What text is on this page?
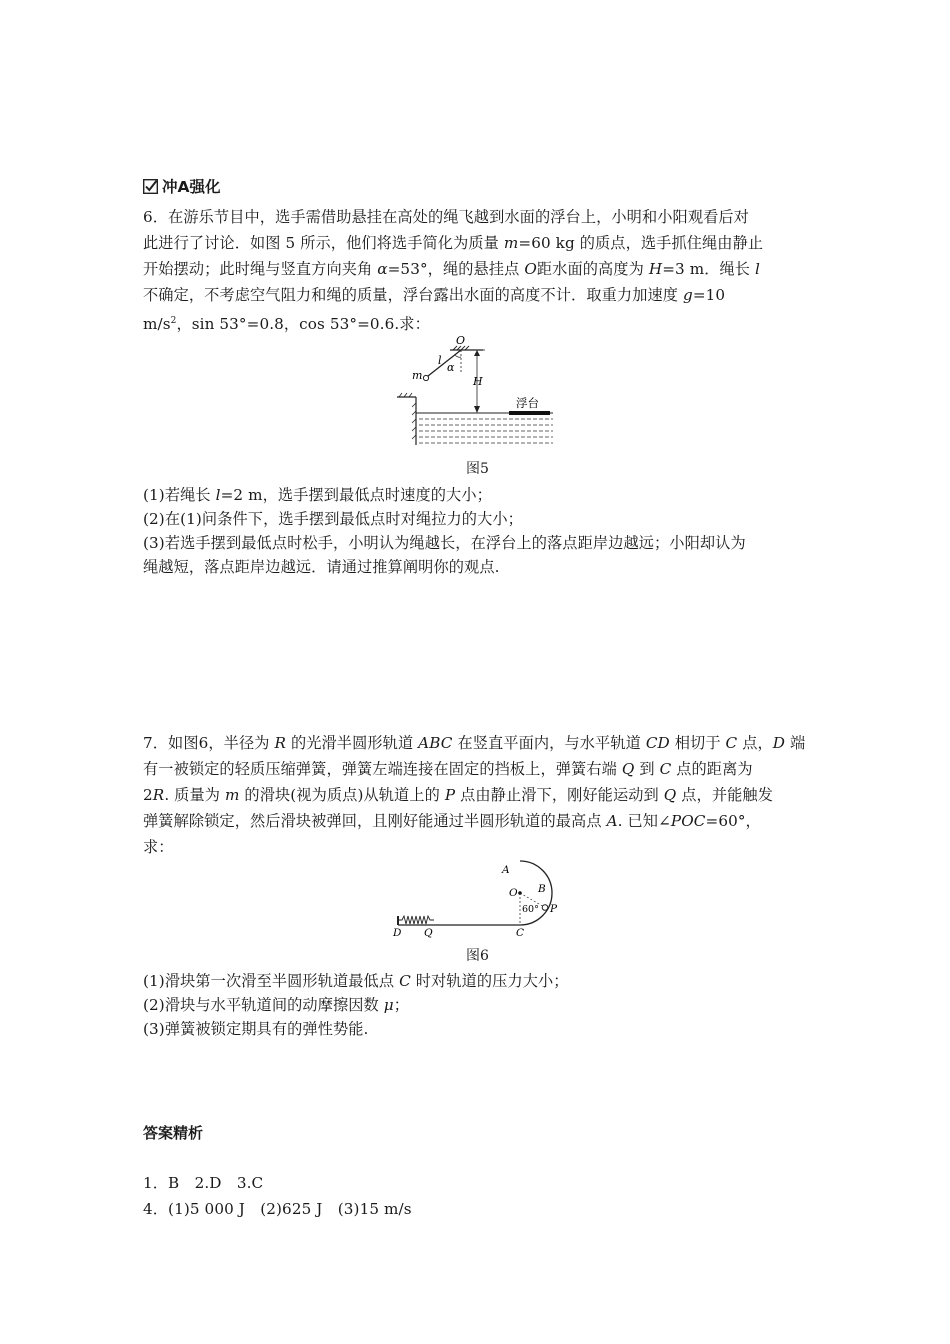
冲A强化
6．在游乐节目中，选手需借助悬挂在高处的绳飞越到水面的浮台上，小明和小阳观看后对
此进行了讨论．如图 5 所示，他们将选手简化为质量 m=60 kg 的质点，选手抓住绳由静止
开始摆动；此时绳与竖直方向夹角 α=53°，绳的悬挂点 O距水面的高度为 H=3 m．绳长 l
不确定，不考虑空气阻力和绳的质量，浮台露出水面的高度不计．取重力加速度 g=10
$m/s^2$，sin 53°=0.8，cos 53°=0.6.求：
O
l
α
m	H
浮台
图5
(1)若绳长 l=2 m，选手摆到最低点时速度的大小；
(2)在(1)问条件下，选手摆到最低点时对绳拉力的大小；
(3)若选手摆到最低点时松手，小明认为绳越长，在浮台上的落点距岸边越远；小阳却认为
绳越短，落点距岸边越远．请通过推算阐明你的观点.
7．如图6，半径为 R 的光滑半圆形轨道 ABC 在竖直平面内，与水平轨道 CD 相切于 C 点，D 端
有一被锁定的轻质压缩弹簧，弹簧左端连接在固定的挡板上，弹簧右端 Q 到 C 点的距离为
2R. 质量为 m 的滑块(视为质点)从轨道上的 P 点由静止滑下，刚好能运动到 Q 点，并能触发
弹簧解除锁定，然后滑块被弹回，且刚好能通过半圆形轨道的最高点 A. 已知∠POC=60°，
求：
A
B
O
60° P
D Q	C
图6
(1)滑块第一次滑至半圆形轨道最低点 C 时对轨道的压力大小；
(2)滑块与水平轨道间的动摩擦因数 μ；
(3)弹簧被锁定期具有的弹性势能.
答案精析
1．B　2.D　3.C
4．(1)5 000 J　(2)625 J　(3)15 m/s
